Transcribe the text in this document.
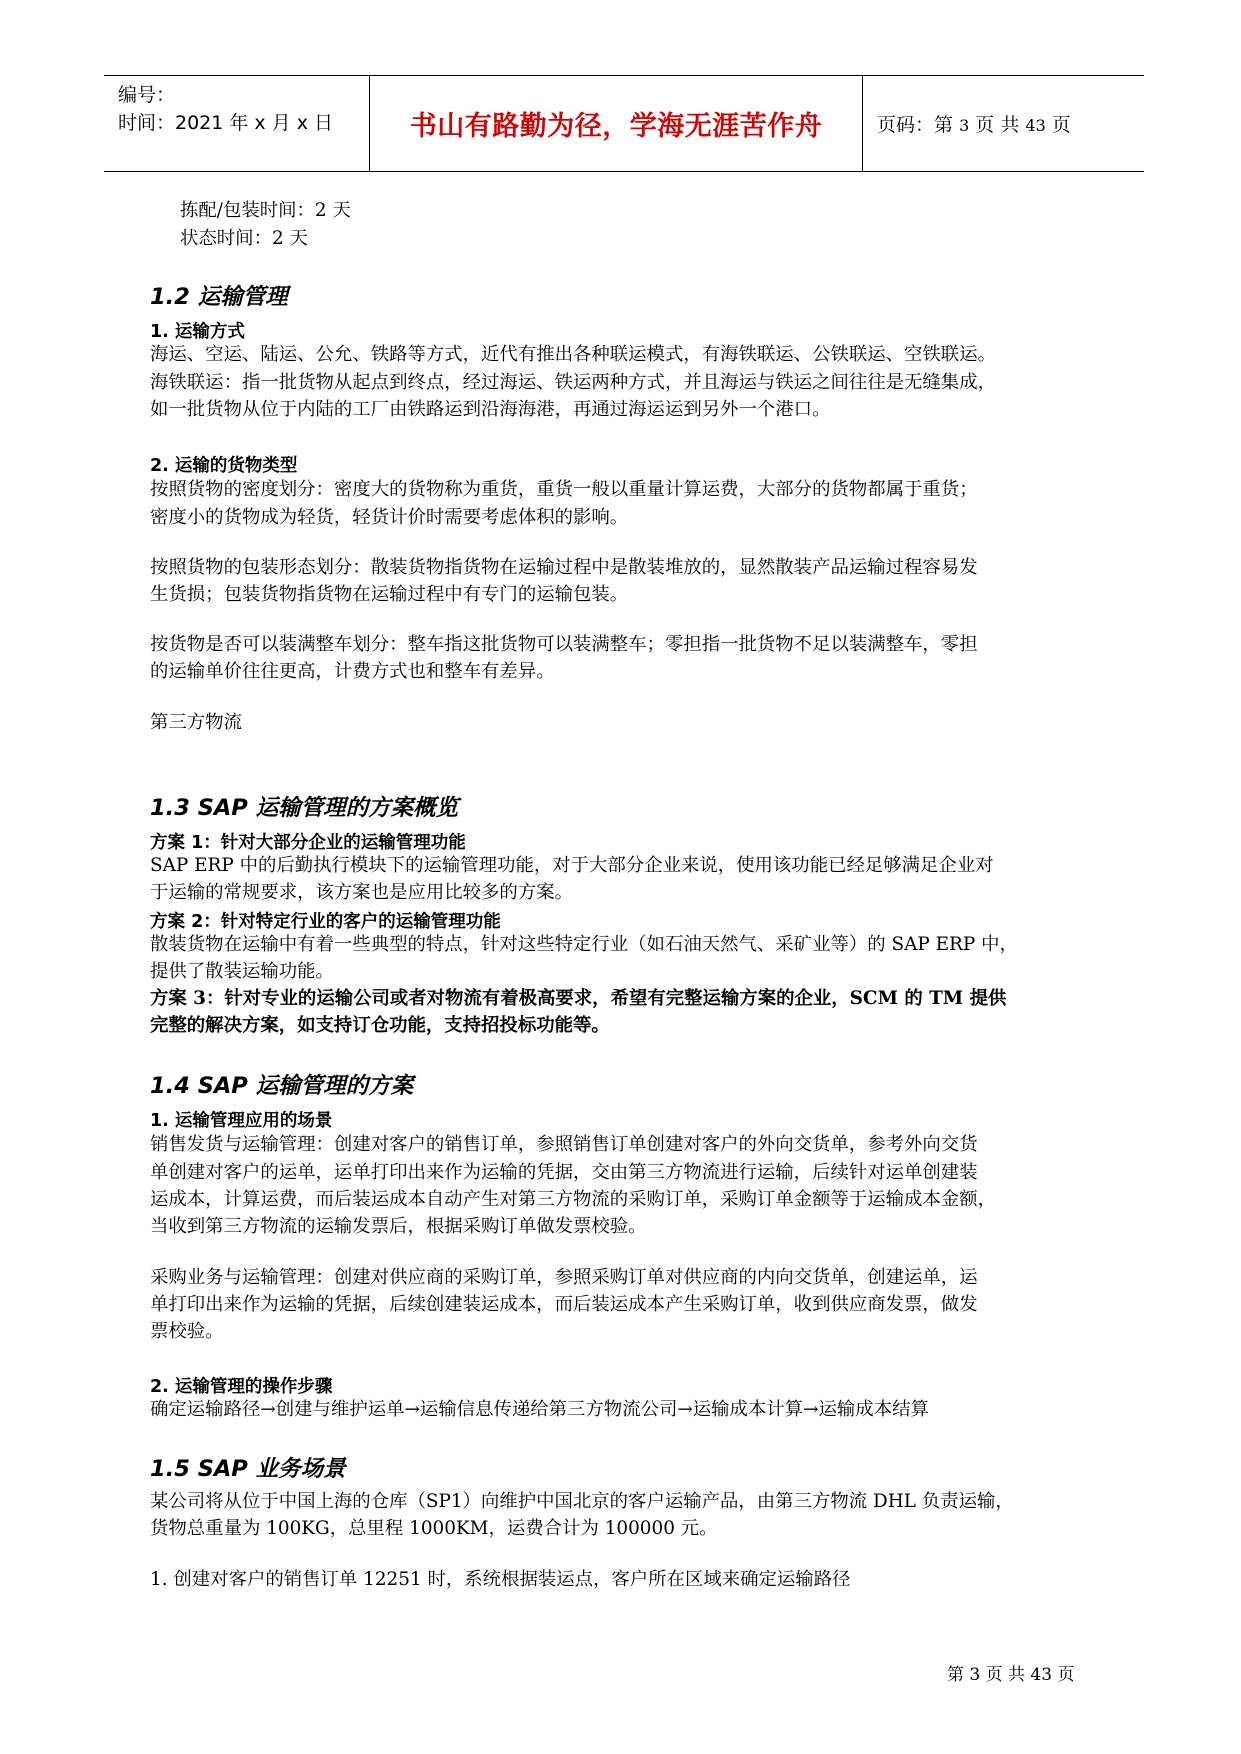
编号：
时间：2021 年 x 月 x 日	书山有路勤为径，学海无涯苦作舟	页码：第 3 页 共 43 页
拣配/包装时间：2 天
状态时间：2 天
1.2 运输管理
1. 运输方式
海运、空运、陆运、公允、铁路等方式，近代有推出各种联运模式，有海铁联运、公铁联运、空铁联运。
海铁联运：指一批货物从起点到终点，经过海运、铁运两种方式，并且海运与铁运之间往往是无缝集成，
如一批货物从位于内陆的工厂由铁路运到沿海海港，再通过海运运到另外一个港口。
2. 运输的货物类型
按照货物的密度划分：密度大的货物称为重货，重货一般以重量计算运费，大部分的货物都属于重货；
密度小的货物成为轻货，轻货计价时需要考虑体积的影响。
按照货物的包装形态划分：散装货物指货物在运输过程中是散装堆放的，显然散装产品运输过程容易发
生货损；包装货物指货物在运输过程中有专门的运输包装。
按货物是否可以装满整车划分：整车指这批货物可以装满整车；零担指一批货物不足以装满整车，零担
的运输单价往往更高，计费方式也和整车有差异。
第三方物流
1.3 SAP 运输管理的方案概览
方案 1：针对大部分企业的运输管理功能
SAP ERP 中的后勤执行模块下的运输管理功能，对于大部分企业来说，使用该功能已经足够满足企业对
于运输的常规要求，该方案也是应用比较多的方案。
方案 2：针对特定行业的客户的运输管理功能
散装货物在运输中有着一些典型的特点，针对这些特定行业（如石油天然气、采矿业等）的 SAP ERP 中，
提供了散装运输功能。
方案 3：针对专业的运输公司或者对物流有着极高要求，希望有完整运输方案的企业，SCM 的 TM 提供
完整的解决方案，如支持订仓功能，支持招投标功能等。
1.4 SAP 运输管理的方案
1. 运输管理应用的场景
销售发货与运输管理：创建对客户的销售订单，参照销售订单创建对客户的外向交货单，参考外向交货
单创建对客户的运单，运单打印出来作为运输的凭据，交由第三方物流进行运输，后续针对运单创建装
运成本，计算运费，而后装运成本自动产生对第三方物流的采购订单，采购订单金额等于运输成本金额，
当收到第三方物流的运输发票后，根据采购订单做发票校验。
采购业务与运输管理：创建对供应商的采购订单，参照采购订单对供应商的内向交货单，创建运单，运
单打印出来作为运输的凭据，后续创建装运成本，而后装运成本产生采购订单，收到供应商发票，做发
票校验。
2. 运输管理的操作步骤
确定运输路径→创建与维护运单→运输信息传递给第三方物流公司→运输成本计算→运输成本结算
1.5 SAP 业务场景
某公司将从位于中国上海的仓库（SP1）向维护中国北京的客户运输产品，由第三方物流 DHL 负责运输，
货物总重量为 100KG，总里程 1000KM，运费合计为 100000 元。
1. 创建对客户的销售订单 12251 时，系统根据装运点，客户所在区域来确定运输路径
第 3 页 共 43 页
